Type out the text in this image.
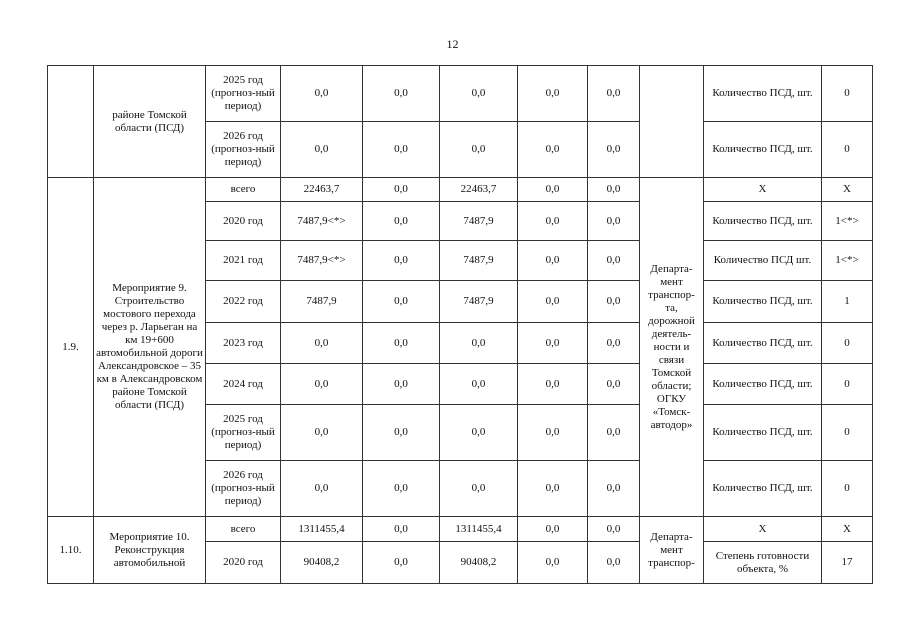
12
	районе Томской области (ПСД)	2025 год (прогноз-ный период)	0,0	0,0	0,0	0,0	0,0		Количество ПСД, шт.	0
		2026 год (прогноз-ный период)	0,0	0,0	0,0	0,0	0,0		Количество ПСД, шт.	0
1.9.	Мероприятие 9. Строительство мостового перехода через р. Ларьеган на км 19+600 автомобильной дороги Александровское – 35 км в Александровском районе Томской области (ПСД)	всего	22463,7	0,0	22463,7	0,0	0,0	Департа-мент транспор-та, дорожной деятель-ности и связи Томской области; ОГКУ «Томск-автодор»	Х	Х
		2020 год	7487,9<*>	0,0	7487,9	0,0	0,0		Количество ПСД, шт.	1<*>
		2021 год	7487,9<*>	0,0	7487,9	0,0	0,0		Количество ПСД шт.	1<*>
		2022 год	7487,9	0,0	7487,9	0,0	0,0		Количество ПСД, шт.	1
		2023 год	0,0	0,0	0,0	0,0	0,0		Количество ПСД, шт.	0
		2024 год	0,0	0,0	0,0	0,0	0,0		Количество ПСД, шт.	0
		2025 год (прогноз-ный период)	0,0	0,0	0,0	0,0	0,0		Количество ПСД, шт.	0
		2026 год (прогноз-ный период)	0,0	0,0	0,0	0,0	0,0		Количество ПСД, шт.	0
1.10.	Мероприятие 10. Реконструкция автомобильной	всего	1311455,4	0,0	1311455,4	0,0	0,0	Департа-мент транспор-	Х	Х
		2020 год	90408,2	0,0	90408,2	0,0	0,0		Степень готовности объекта, %	17
